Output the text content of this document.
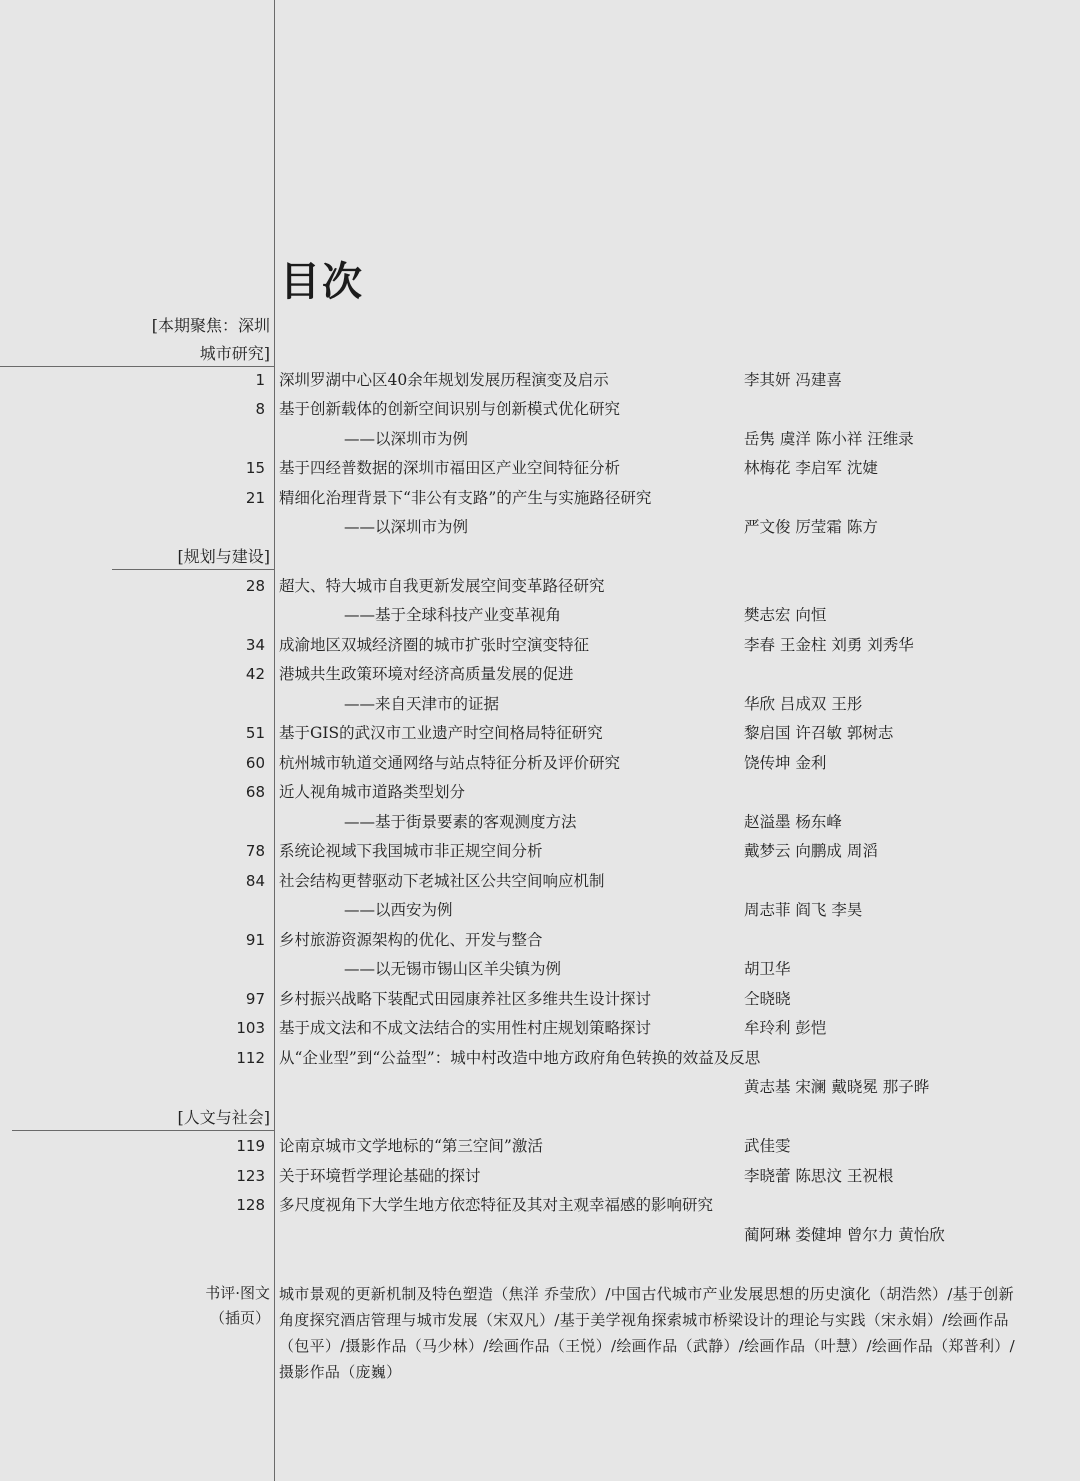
目次
[本期聚焦：深圳
城市研究]
1 深圳罗湖中心区40余年规划发展历程演变及启示	李其妍 冯建喜
8 基于创新载体的创新空间识别与创新模式优化研究
——以深圳市为例	岳隽 虞洋 陈小祥 汪维录
15 基于四经普数据的深圳市福田区产业空间特征分析	林梅花 李启军 沈婕
21 精细化治理背景下“非公有支路”的产生与实施路径研究
——以深圳市为例	严文俊 厉莹霜 陈方
[规划与建设]
28 超大、特大城市自我更新发展空间变革路径研究
——基于全球科技产业变革视角	樊志宏 向恒
34 成渝地区双城经济圈的城市扩张时空演变特征	李春 王金柱 刘勇 刘秀华
42 港城共生政策环境对经济高质量发展的促进
——来自天津市的证据	华欣 吕成双 王彤
51 基于GIS的武汉市工业遗产时空间格局特征研究	黎启国 许召敏 郭树志
60 杭州城市轨道交通网络与站点特征分析及评价研究	饶传坤 金利
68 近人视角城市道路类型划分
——基于街景要素的客观测度方法	赵溢墨 杨东峰
78 系统论视域下我国城市非正规空间分析	戴梦云 向鹏成 周滔
84 社会结构更替驱动下老城社区公共空间响应机制
——以西安为例	周志菲 阎飞 李昊
91 乡村旅游资源架构的优化、开发与整合
——以无锡市锡山区羊尖镇为例	胡卫华
97 乡村振兴战略下装配式田园康养社区多维共生设计探讨	仝晓晓
103 基于成文法和不成文法结合的实用性村庄规划策略探讨	牟玲利 彭恺
112 从“企业型”到“公益型”：城中村改造中地方政府角色转换的效益及反思
黄志基 宋澜 戴晓冕 那子晔
[人文与社会]
119 论南京城市文学地标的“第三空间”激活	武佳雯
123 关于环境哲学理论基础的探讨	李晓蕾 陈思汶 王祝根
128 多尺度视角下大学生地方依恋特征及其对主观幸福感的影响研究
蔺阿琳 娄健坤 曾尔力 黄怡欣
书评·图文
（插页）
城市景观的更新机制及特色塑造（焦洋 乔莹欣）/中国古代城市产业发展思想的历史演化（胡浩然）/基于创新角度探究酒店管理与城市发展（宋双凡）/基于美学视角探索城市桥梁设计的理论与实践（宋永娟）/绘画作品（包平）/摄影作品（马少林）/绘画作品（王悦）/绘画作品（武静）/绘画作品（叶慧）/绘画作品（郑普利）/摄影作品（庞巍）
